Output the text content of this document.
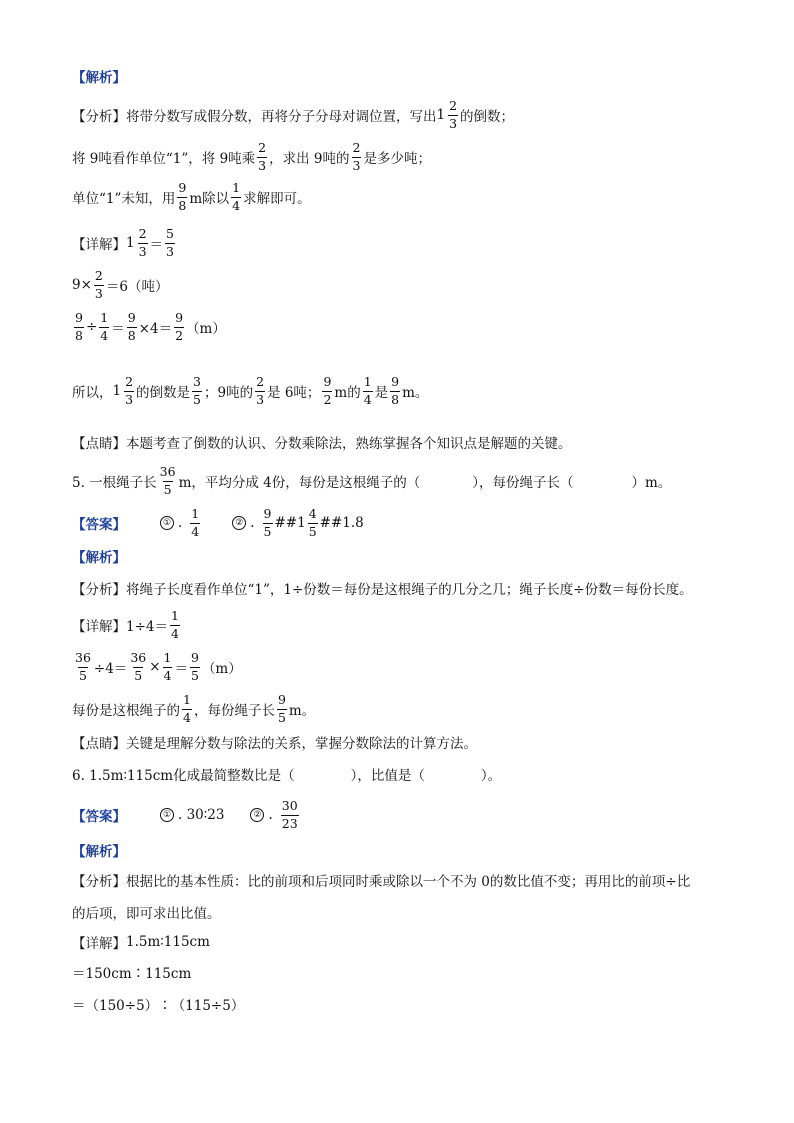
【解析】
【分析】 将带分数写成假分数，再将分子分母对调位置，写出 $1 \frac{2}{3}$ 的倒数；
将 9吨看作单位“1”，将 9吨乘 $\frac{2}{3}$ ，求出 9吨的 $\frac{2}{3}$ 是多少吨；
单位“1”未知，用 $\frac{9}{8}$ m除以 $\frac{1}{4}$ 求解即可。
【详解】 $1 \frac{2}{3} = \frac{5}{3}$
$9\times \frac{2}{3} =6$（吨）
$\frac{9}{8} \div \frac{1}{4} = \frac{9}{8} \times 4= \frac{9}{2} (m)$
所以， $1 \frac{2}{3}$ 的倒数是 $\frac{3}{5}$ ；9吨的 $\frac{2}{3}$ 是 6吨； $\frac{9}{2}$ m的 $\frac{1}{4}$ 是 $\frac{9}{8}$ m。
【点睛】 本题考查了倒数的认识、分数乘除法，熟练掌握各个知识点是解题的关键。
5. 一根绳子长 $\frac{36}{5}$ m，平均分成 4份，每份是这根绳子的（	），每份绳子长（	）m。
【答案】	① . $\frac{1}{4}$	② . $\frac{9}{5}$ ##1 $\frac{4}{5}$ ##1.8
【解析】
【分析】 将绳子长度看作单位“1”，1÷份数＝每份是这根绳子的几分之几；绳子长度÷份数＝每份长度。
【详解】 $1\div 4= \frac{1}{4}$
$\frac{36}{5} \div 4= \frac{36}{5} \times \frac{1}{4} = \frac{9}{5} (m)$
每份是这根绳子的 $\frac{1}{4}$ ，每份绳子长 $\frac{9}{5}$ m。
【点睛】 关键是理解分数与除法的关系，掌握分数除法的计算方法。
6. 1.5m∶115cm化成最简整数比是（	），比值是（	）。
【答案】	① . 30∶23	② . $\frac{30}{23}$
【解析】
【分析】 根据比的基本性质：比的前项和后项同时乘或除以一个不为 0的数比值不变；再用比的前项÷比
的后项，即可求出比值。
【详解】 1.5m∶115cm
＝150cm∶115cm
＝（150÷5）∶（115÷5）
